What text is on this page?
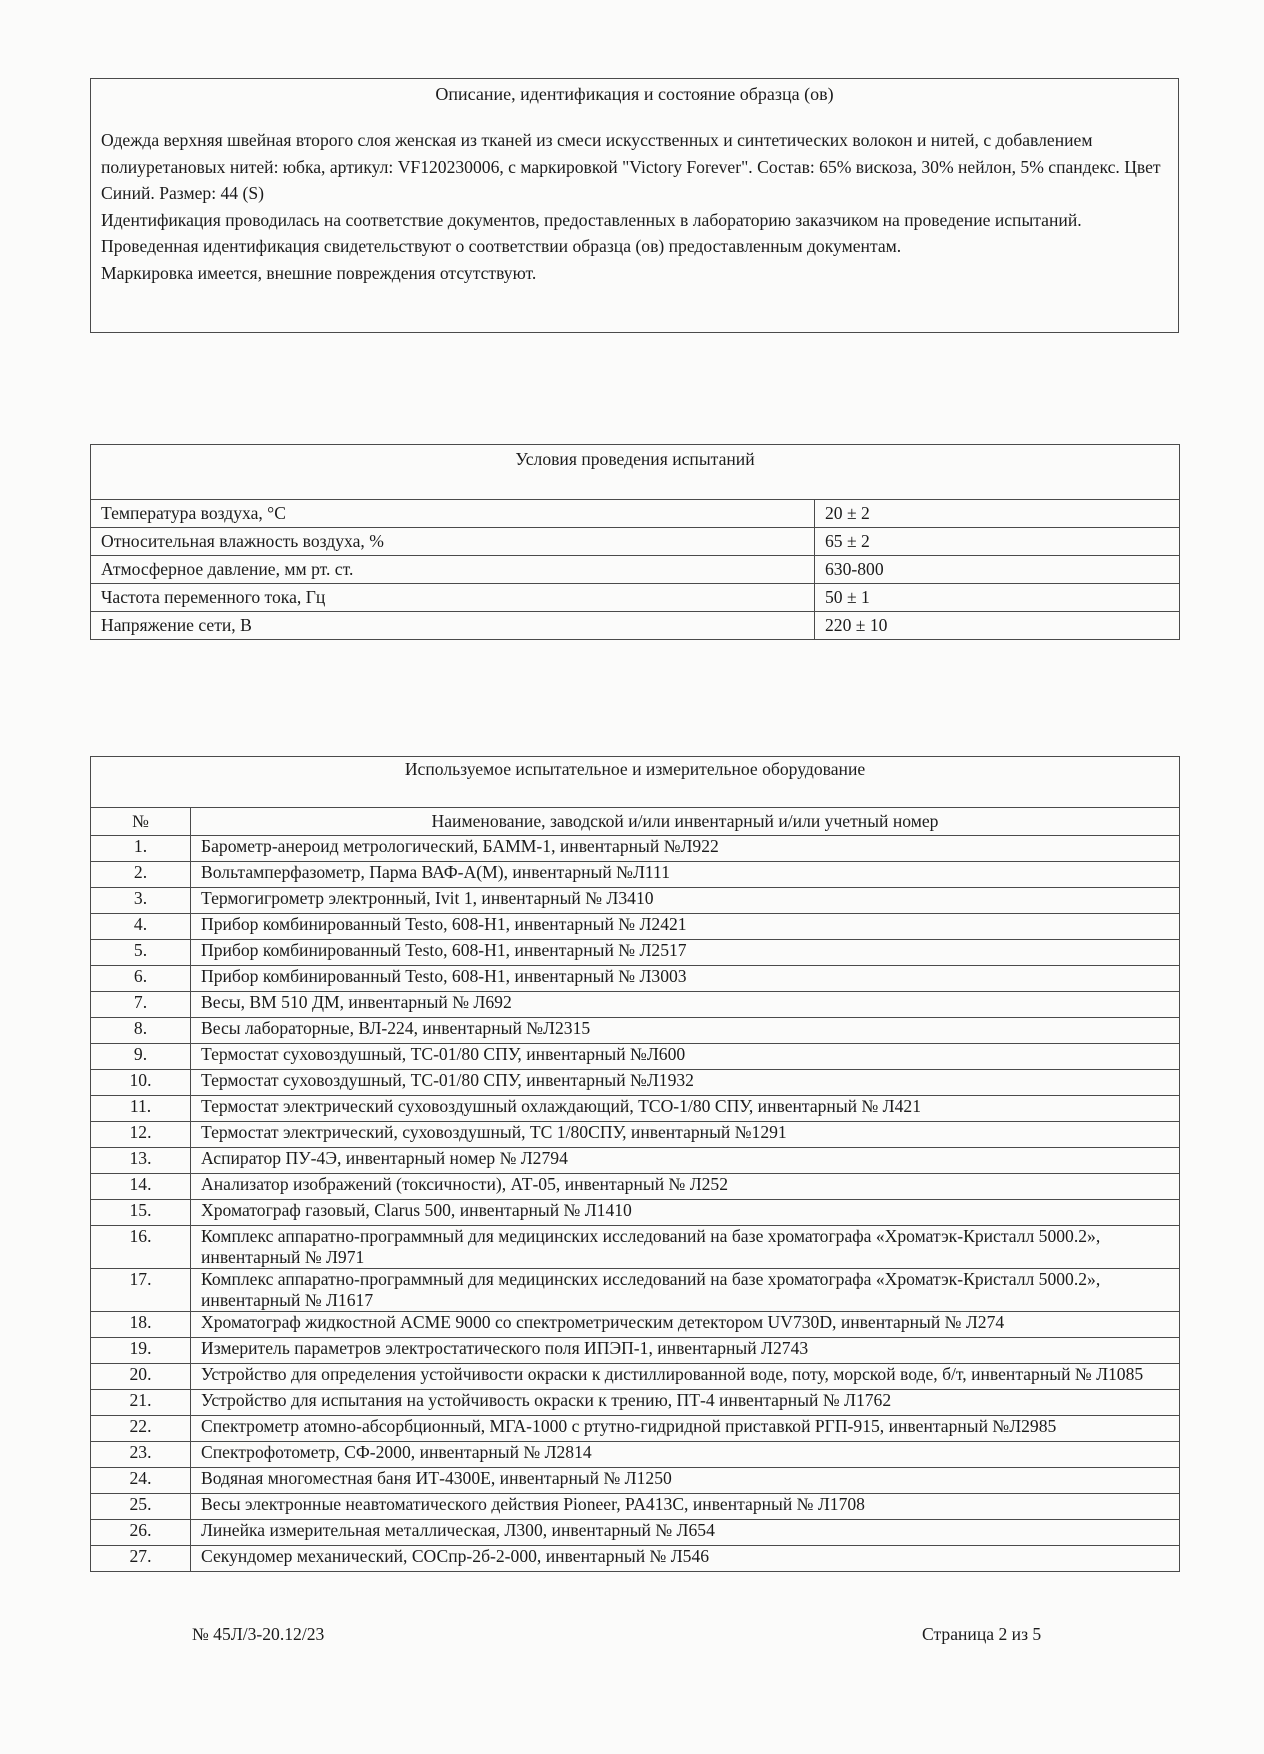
Описание, идентификация и состояние образца (ов)

Одежда верхняя швейная второго слоя женская из тканей из смеси искусственных и синтетических волокон и нитей, с добавлением полиуретановых нитей: юбка, артикул: VF120230006, с маркировкой "Victory Forever". Состав: 65% вискоза, 30% нейлон, 5% спандекс. Цвет Синий. Размер: 44 (S)

Идентификация проводилась на соответствие документов, предоставленных в лабораторию заказчиком на проведение испытаний.

Проведенная идентификация свидетельствуют о соответствии образца (ов) предоставленным документам.

Маркировка имеется, внешние повреждения отсутствуют.

Условия проведения испытаний	
Температура воздуха, °C	20 ± 2
Относительная влажность воздуха, %	65 ± 2
Атмосферное давление, мм рт. ст.	630-800
Частота переменного тока, Гц	50 ± 1
Напряжение сети, В	220 ± 10
Используемое испытательное и измерительное оборудование	
№	Наименование, заводской и/или инвентарный и/или учетный номер
1.	Барометр-анероид метрологический, БАММ-1, инвентарный №Л922
2.	Вольтамперфазометр, Парма ВАФ-А(М), инвентарный №Л111
3.	Термогигрометр электронный, Ivit 1, инвентарный № Л3410
4.	Прибор комбинированный Testo, 608-Н1, инвентарный № Л2421
5.	Прибор комбинированный Testo, 608-Н1, инвентарный № Л2517
6.	Прибор комбинированный Testo, 608-Н1, инвентарный № Л3003
7.	Весы, ВМ 510 ДМ, инвентарный № Л692
8.	Весы лабораторные, ВЛ-224, инвентарный №Л2315
9.	Термостат суховоздушный, ТС-01/80 СПУ, инвентарный №Л600
10.	Термостат суховоздушный, ТС-01/80 СПУ, инвентарный №Л1932
11.	Термостат электрический суховоздушный охлаждающий, ТСО-1/80 СПУ, инвентарный № Л421
12.	Термостат электрический, суховоздушный, ТС 1/80СПУ, инвентарный №1291
13.	Аспиратор ПУ-4Э, инвентарный номер № Л2794
14.	Анализатор изображений (токсичности), АТ-05, инвентарный № Л252
15.	Хроматограф газовый, Clarus 500, инвентарный № Л1410
16.	Комплекс аппаратно-программный для медицинских исследований на базе хроматографа «Хроматэк-Кристалл 5000.2», инвентарный № Л971
17.	Комплекс аппаратно-программный для медицинских исследований на базе хроматографа «Хроматэк-Кристалл 5000.2», инвентарный № Л1617
18.	Хроматограф жидкостной ACME 9000 со спектрометрическим детектором UV730D, инвентарный № Л274
19.	Измеритель параметров электростатического поля ИПЭП-1, инвентарный Л2743
20.	Устройство для определения устойчивости окраски к дистиллированной воде, поту, морской воде, б/т, инвентарный № Л1085
21.	Устройство для испытания на устойчивость окраски к трению, ПТ-4 инвентарный № Л1762
22.	Спектрометр атомно-абсорбционный, МГА-1000 с ртутно-гидридной приставкой РГП-915, инвентарный №Л2985
23.	Спектрофотометр, СФ-2000, инвентарный № Л2814
24.	Водяная многоместная баня ИТ-4300Е, инвентарный № Л1250
25.	Весы электронные неавтоматического действия Pioneer, PA413C, инвентарный № Л1708
26.	Линейка измерительная металлическая, Л300, инвентарный № Л654
27.	Секундомер механический, СОСпр-2б-2-000, инвентарный № Л546
№ 45Л/3-20.12/23	Страница 2 из 5
